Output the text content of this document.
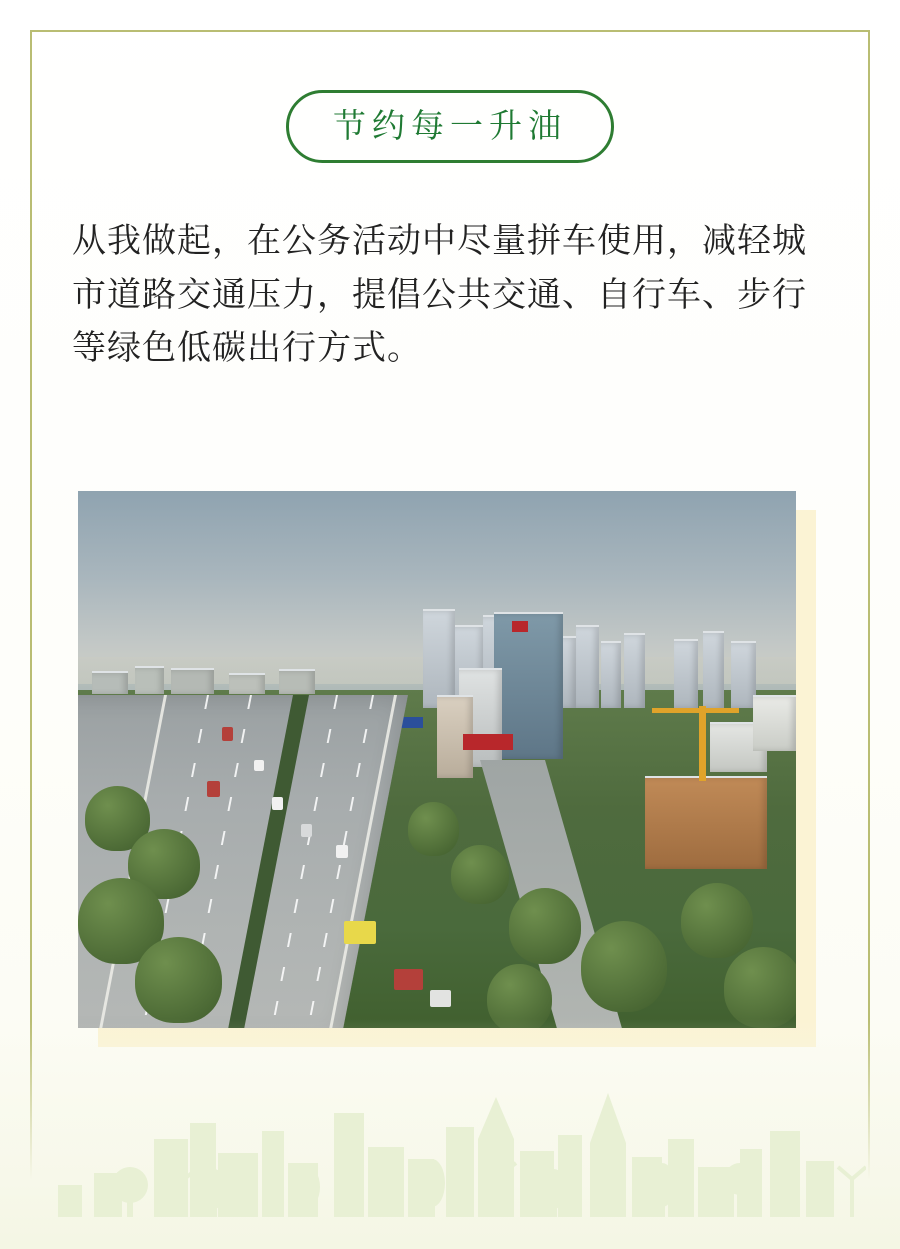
节约每一升油
从我做起，在公务活动中尽量拼车使用，减轻城市道路交通压力，提倡公共交通、自行车、步行等绿色低碳出行方式。
